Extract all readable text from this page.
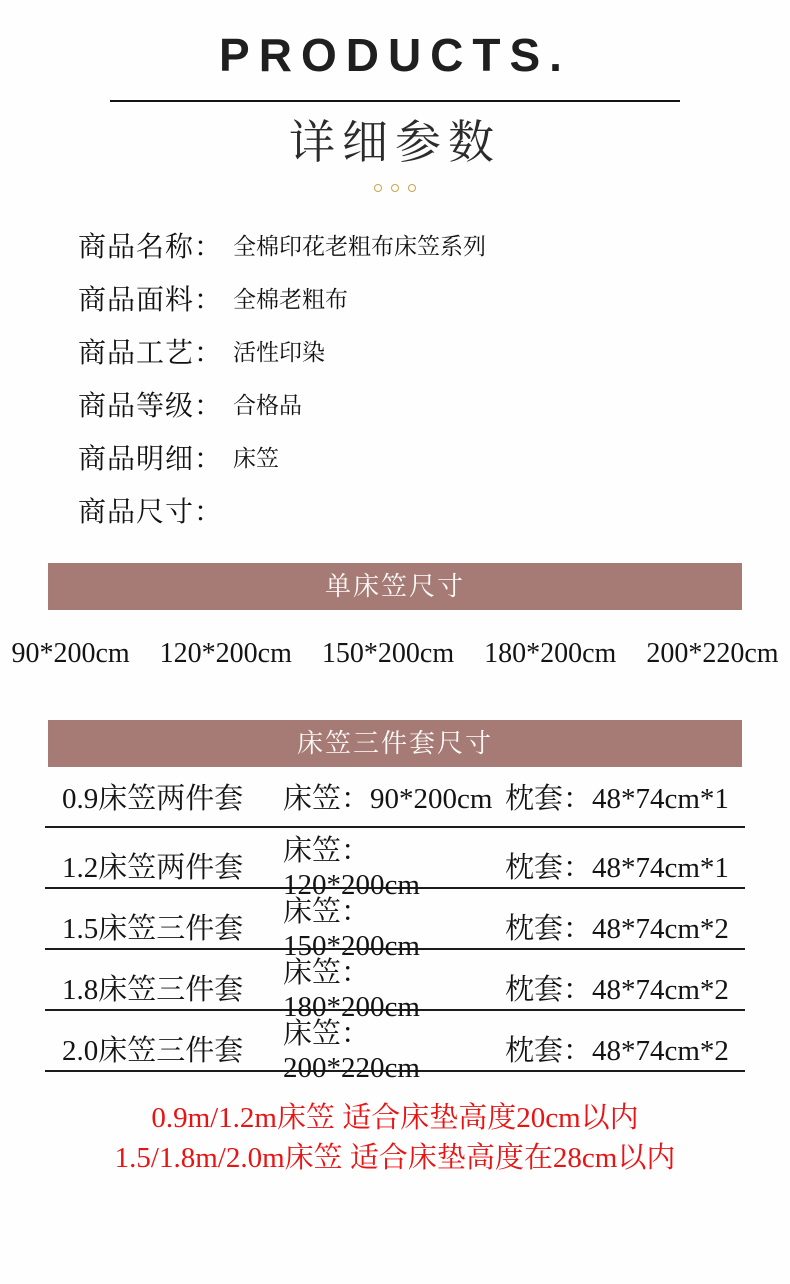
PRODUCTS.
详细参数
商品名称： 全棉印花老粗布床笠系列
商品面料： 全棉老粗布
商品工艺： 活性印染
商品等级： 合格品
商品明细： 床笠
商品尺寸：
单床笠尺寸
90*200cm 120*200cm 150*200cm 180*200cm 200*220cm
床笠三件套尺寸
0.9床笠两件套	床笠：90*200cm 枕套：48*74cm*1
1.2床笠两件套
床笠：120*200cm
枕套：48*74cm*1
1.5床笠三件套
床笠：150*200cm
枕套：48*74cm*2
1.8床笠三件套
床笠：180*200cm
枕套：48*74cm*2
2.0床笠三件套
床笠：200*220cm
枕套：48*74cm*2
0.9m/1.2m床笠 适合床垫高度20cm以内
1.5/1.8m/2.0m床笠 适合床垫高度在28cm以内
